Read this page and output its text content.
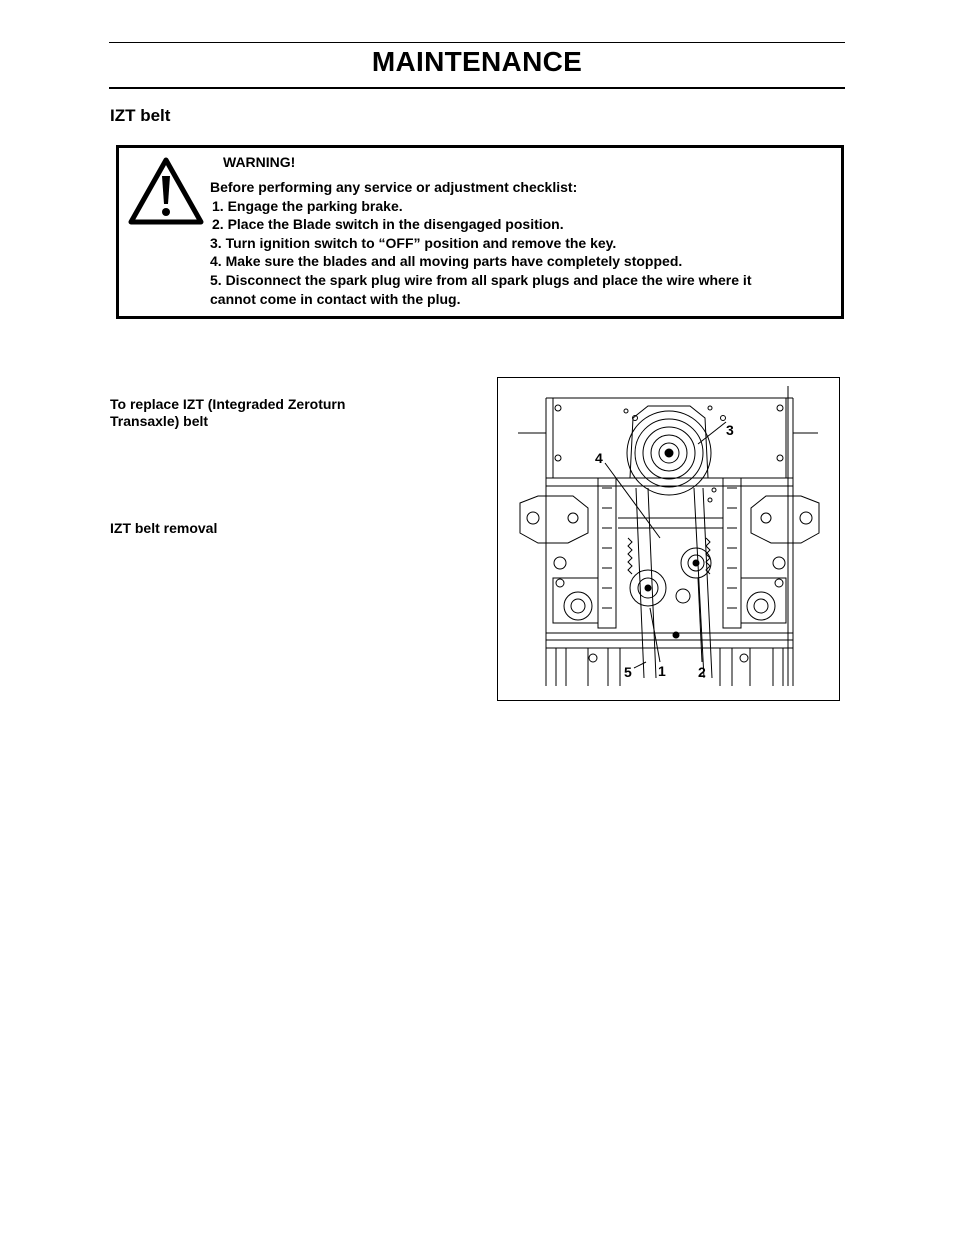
MAINTENANCE
IZT belt
WARNING!
Before performing any service or adjustment checklist:
1. Engage the parking brake.
2. Place the Blade switch in the disengaged position.
3. Turn ignition switch to “OFF” position and remove the key.
4. Make sure the blades and all moving parts have completely stopped.
5. Disconnect the spark plug wire from all spark plugs and place the wire where it
cannot come in contact with the plug.
To replace IZT (Integraded Zeroturn Transaxle) belt
IZT belt removal
3
4
5 1 2
